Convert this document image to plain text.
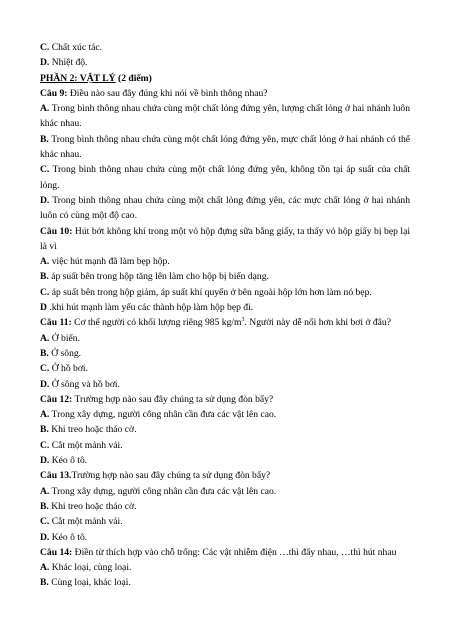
C. Chất xúc tác.

D. Nhiệt độ.

PHẦN 2: VẬT LÝ (2 điểm)

Câu 9: Điều nào sau đây đúng khi nói về bình thông nhau?

A. Trong bình thông nhau chứa cùng một chất lỏng đứng yên, lượng chất lỏng ở hai nhánh luôn khác nhau.

B. Trong bình thông nhau chứa cùng một chất lỏng đứng yên, mực chất lỏng ở hai nhánh có thể khác nhau.

C. Trong bình thông nhau chứa cùng một chất lỏng đứng yên, không tồn tại áp suất của chất lỏng.

D. Trong bình thông nhau chứa cùng một chất lỏng đứng yên, các mực chất lỏng ở hai nhánh luôn có cùng một độ cao.

Câu 10: Hút bớt không khí trong một vỏ hộp đựng sữa bằng giấy, ta thấy vỏ hộp giấy bị bẹp lại là vì

A. việc hút mạnh đã làm bẹp hộp.

B. áp suất bên trong hộp tăng lên làm cho hộp bị biến dạng.

C. áp suất bên trong hộp giảm, áp suất khí quyển ở bên ngoài hộp lớn hơn làm nó bẹp.

D .khi hút mạnh làm yếu các thành hộp làm hộp bẹp đi.

Câu 11: Cơ thể người có khối lượng riêng 985 $kg/m^3$. Người này dễ nổi hơn khi bơi ở đâu?

A. Ở biển.

B. Ở sông.

C. Ở hồ bơi.

D. Ở sông và hồ bơi.

Câu 12: Trường hợp nào sau đây chúng ta sử dụng đòn bẩy?

A. Trong xây dựng, người công nhân cần đưa các vật lên cao.

B. Khi treo hoặc tháo cờ.

C. Cắt một mảnh vải.

D. Kéo ô tô.

Câu 13.Trường hợp nào sau đây chúng ta sử dụng đòn bẩy?

A. Trong xây dựng, người công nhân cần đưa các vật lên cao.

B. Khi treo hoặc tháo cờ.

C. Cắt một mảnh vải.

D. Kéo ô tô.

Câu 14: Điền từ thích hợp vào chỗ trống: Các vật nhiễm điện …thì đẩy nhau, …thì hút nhau

A. Khác loại, cùng loại.

B. Cùng loại, khác loại.
